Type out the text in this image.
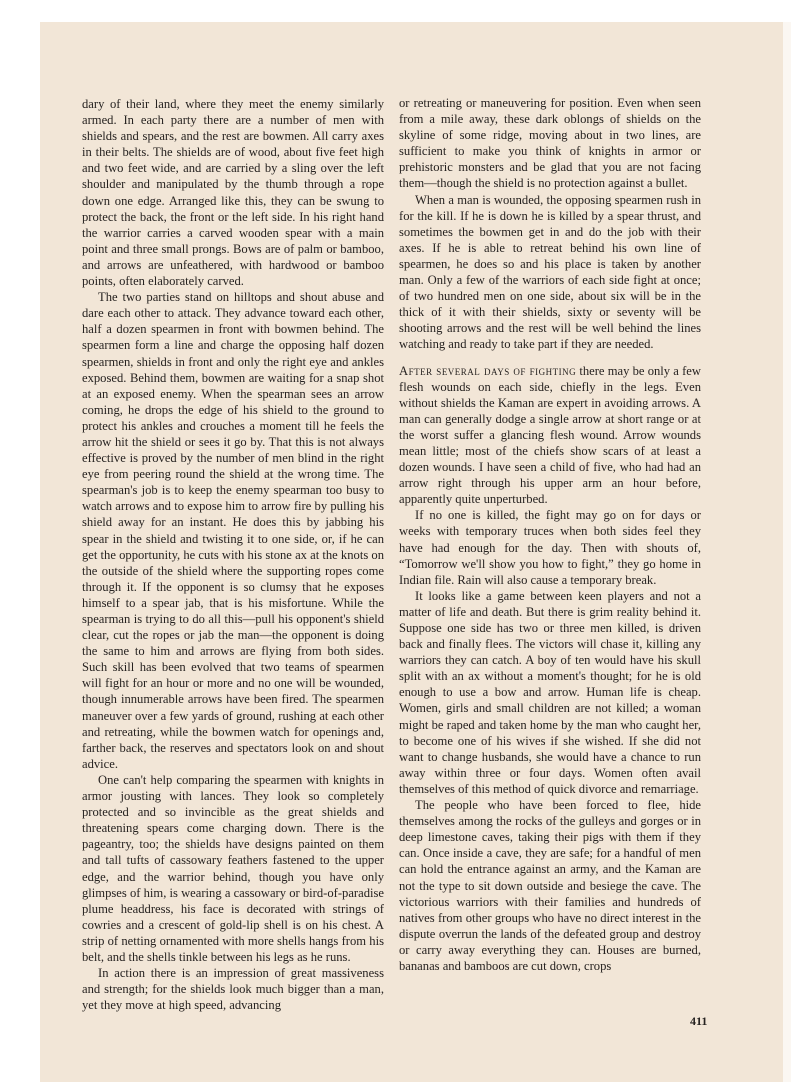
dary of their land, where they meet the enemy similarly armed. In each party there are a number of men with shields and spears, and the rest are bowmen. All carry axes in their belts. The shields are of wood, about five feet high and two feet wide, and are carried by a sling over the left shoulder and manipulated by the thumb through a rope down one edge. Arranged like this, they can be swung to protect the back, the front or the left side. In his right hand the warrior carries a carved wooden spear with a main point and three small prongs. Bows are of palm or bamboo, and arrows are unfeathered, with hardwood or bamboo points, often elaborately carved.

The two parties stand on hilltops and shout abuse and dare each other to attack. They advance toward each other, half a dozen spearmen in front with bowmen behind. The spearmen form a line and charge the opposing half dozen spearmen, shields in front and only the right eye and ankles exposed. Behind them, bowmen are waiting for a snap shot at an exposed enemy. When the spearman sees an arrow coming, he drops the edge of his shield to the ground to protect his ankles and crouches a moment till he feels the arrow hit the shield or sees it go by. That this is not always effective is proved by the number of men blind in the right eye from peering round the shield at the wrong time. The spearman's job is to keep the enemy spearman too busy to watch arrows and to expose him to arrow fire by pulling his shield away for an instant. He does this by jabbing his spear in the shield and twisting it to one side, or, if he can get the opportunity, he cuts with his stone ax at the knots on the outside of the shield where the supporting ropes come through it. If the opponent is so clumsy that he exposes himself to a spear jab, that is his misfortune. While the spearman is trying to do all this—pull his opponent's shield clear, cut the ropes or jab the man—the opponent is doing the same to him and arrows are flying from both sides. Such skill has been evolved that two teams of spearmen will fight for an hour or more and no one will be wounded, though innumerable arrows have been fired. The spearmen maneuver over a few yards of ground, rushing at each other and retreating, while the bowmen watch for openings and, farther back, the reserves and spectators look on and shout advice.

One can't help comparing the spearmen with knights in armor jousting with lances. They look so completely protected and so invincible as the great shields and threatening spears come charging down. There is the pageantry, too; the shields have designs painted on them and tall tufts of cassowary feathers fastened to the upper edge, and the warrior behind, though you have only glimpses of him, is wearing a cassowary or bird-of-paradise plume headdress, his face is decorated with strings of cowries and a crescent of gold-lip shell is on his chest. A strip of netting ornamented with more shells hangs from his belt, and the shells tinkle between his legs as he runs.

In action there is an impression of great massiveness and strength; for the shields look much bigger than a man, yet they move at high speed, advancing

or retreating or maneuvering for position. Even when seen from a mile away, these dark oblongs of shields on the skyline of some ridge, moving about in two lines, are sufficient to make you think of knights in armor or prehistoric monsters and be glad that you are not facing them—though the shield is no protection against a bullet.

When a man is wounded, the opposing spearmen rush in for the kill. If he is down he is killed by a spear thrust, and sometimes the bowmen get in and do the job with their axes. If he is able to retreat behind his own line of spearmen, he does so and his place is taken by another man. Only a few of the warriors of each side fight at once; of two hundred men on one side, about six will be in the thick of it with their shields, sixty or seventy will be shooting arrows and the rest will be well behind the lines watching and ready to take part if they are needed.

After several days of fighting there may be only a few flesh wounds on each side, chiefly in the legs. Even without shields the Kaman are expert in avoiding arrows. A man can generally dodge a single arrow at short range or at the worst suffer a glancing flesh wound. Arrow wounds mean little; most of the chiefs show scars of at least a dozen wounds. I have seen a child of five, who had had an arrow right through his upper arm an hour before, apparently quite unperturbed.

If no one is killed, the fight may go on for days or weeks with temporary truces when both sides feel they have had enough for the day. Then with shouts of, “Tomorrow we'll show you how to fight,” they go home in Indian file. Rain will also cause a temporary break.

It looks like a game between keen players and not a matter of life and death. But there is grim reality behind it. Suppose one side has two or three men killed, is driven back and finally flees. The victors will chase it, killing any warriors they can catch. A boy of ten would have his skull split with an ax without a moment's thought; for he is old enough to use a bow and arrow. Human life is cheap. Women, girls and small children are not killed; a woman might be raped and taken home by the man who caught her, to become one of his wives if she wished. If she did not want to change husbands, she would have a chance to run away within three or four days. Women often avail themselves of this method of quick divorce and remarriage.

The people who have been forced to flee, hide themselves among the rocks of the gulleys and gorges or in deep limestone caves, taking their pigs with them if they can. Once inside a cave, they are safe; for a handful of men can hold the entrance against an army, and the Kaman are not the type to sit down outside and besiege the cave. The victorious warriors with their families and hundreds of natives from other groups who have no direct interest in the dispute overrun the lands of the defeated group and destroy or carry away everything they can. Houses are burned, bananas and bamboos are cut down, crops

411
